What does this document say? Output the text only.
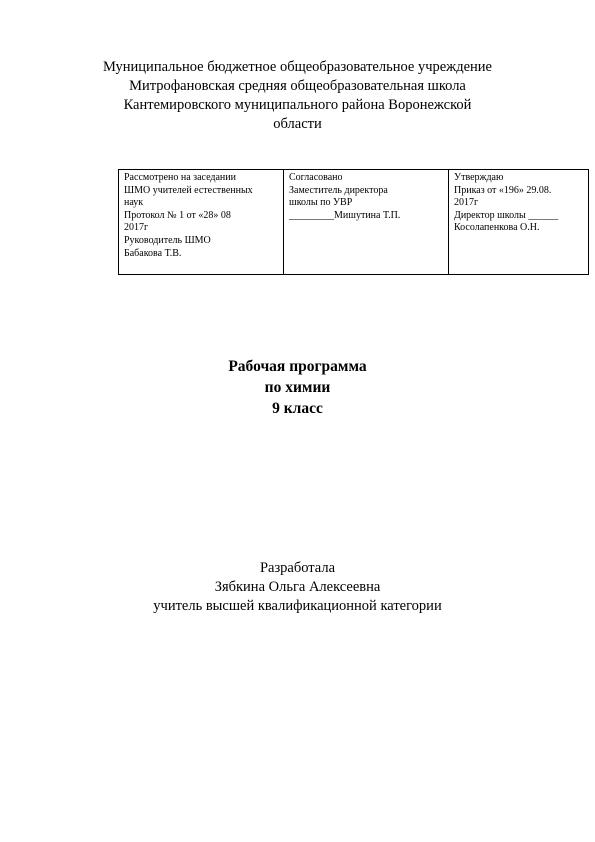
Муниципальное бюджетное общеобразовательное учреждение
Митрофановская средняя общеобразовательная школа
Кантемировского муниципального района Воронежской
области
Рассмотрено на заседании
ШМО учителей естественных
наук
Протокол № 1 от «28» 08
2017г
Руководитель ШМО
Бабакова Т.В.

Согласовано
Заместитель директора
школы по УВР
_________Мишутина Т.П.

Утверждаю
Приказ от «196» 29.08.
2017г
Директор школы ______
Косолапенкова О.Н.
Рабочая программа
по химии
9 класс
Разработала
Зябкина Ольга Алексеевна
учитель высшей квалификационной категории
